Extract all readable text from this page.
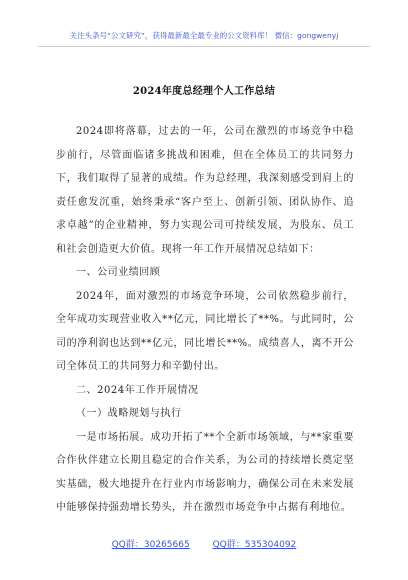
关注头条号“公文研究”，获得最新最全最专业的公文资料库！ 微信：gongwenyj
2024年度总经理个人工作总结

2024即将落幕，过去的一年，公司在激烈的市场竞争中稳步前行，尽管面临诸多挑战和困难，但在全体员工的共同努力下，我们取得了显著的成绩。作为总经理，我深刻感受到肩上的责任愈发沉重，始终秉承“客户至上、创新引领、团队协作、追求卓越”的企业精神，努力实现公司可持续发展，为股东、员工和社会创造更大价值。现将一年工作开展情况总结如下：

一、公司业绩回顾

2024年，面对激烈的市场竞争环境，公司依然稳步前行，全年成功实现营业收入**亿元，同比增长了**%。与此同时，公司的净利润也达到**亿元，同比增长**%。成绩喜人，离不开公司全体员工的共同努力和辛勤付出。

二、2024年工作开展情况

（一）战略规划与执行

一是市场拓展。成功开拓了**个全新市场领域，与**家重要合作伙伴建立长期且稳定的合作关系，为公司的持续增长奠定坚实基础，极大地提升在行业内市场影响力，确保公司在未来发展中能够保持强劲增长势头，并在激烈市场竞争中占据有利地位。

QQ群：30265665	QQ群：535304092
